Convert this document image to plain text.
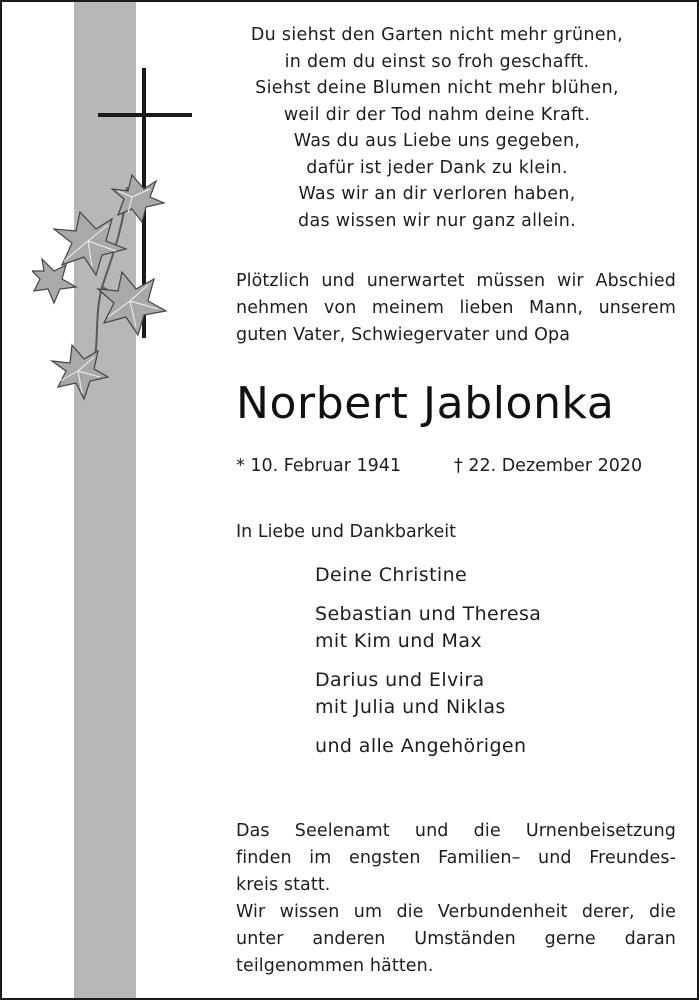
Du siehst den Garten nicht mehr grünen,
in dem du einst so froh geschafft.
Siehst deine Blumen nicht mehr blühen,
weil dir der Tod nahm deine Kraft.
Was du aus Liebe uns gegeben,
dafür ist jeder Dank zu klein.
Was wir an dir verloren haben,
das wissen wir nur ganz allein.
Plötzlich und unerwartet müssen wir Abschied
nehmen von meinem lieben Mann, unserem
guten Vater, Schwiegervater und Opa
Norbert Jablonka
* 10. Februar 1941	† 22. Dezember 2020
In Liebe und Dankbarkeit
Deine Christine
Sebastian und Theresa
mit Kim und Max
Darius und Elvira
mit Julia und Niklas
und alle Angehörigen
Das Seelenamt und die Urnenbeisetzung
finden im engsten Familien– und Freundes-
kreis statt.
Wir wissen um die Verbundenheit derer, die
unter anderen Umständen gerne daran
teilgenommen hätten.
